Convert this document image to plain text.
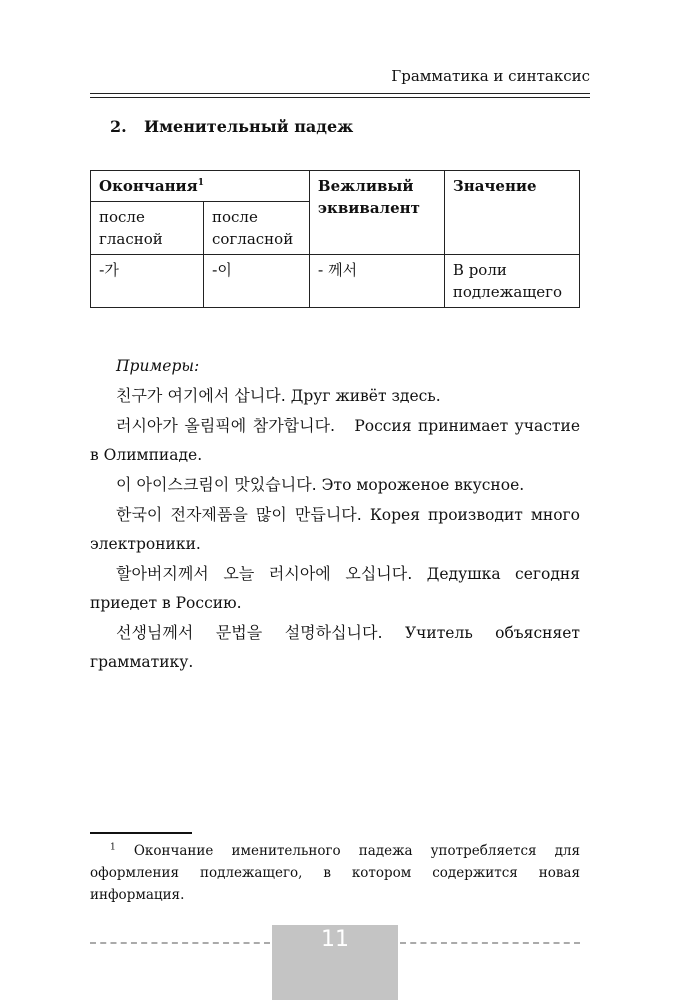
Грамматика и синтаксис
2. Именительный падеж
Окончания$^1$		Вежливый эквивалент	Значение
после гласной	после согласной		
-가	-이	- 께서	В роли подлежащего
Примеры:

친구가 여기에서 삽니다. Друг живёт здесь.

러시아가 올림픽에 참가합니다. Россия принимает участие в Олимпиаде.

이 아이스크림이 맛있습니다. Это мороженое вкусное.

한국이 전자제품을 많이 만듭니다. Корея производит много электроники.

할아버지께서 오늘 러시아에 오십니다. Дедушка сегодня приедет в Россию.

선생님께서 문법을 설명하십니다. Учитель объясняет грамматику.

$^1$ Окончание именительного падежа употребляется для оформления подлежащего, в котором содержится новая информация.
11
